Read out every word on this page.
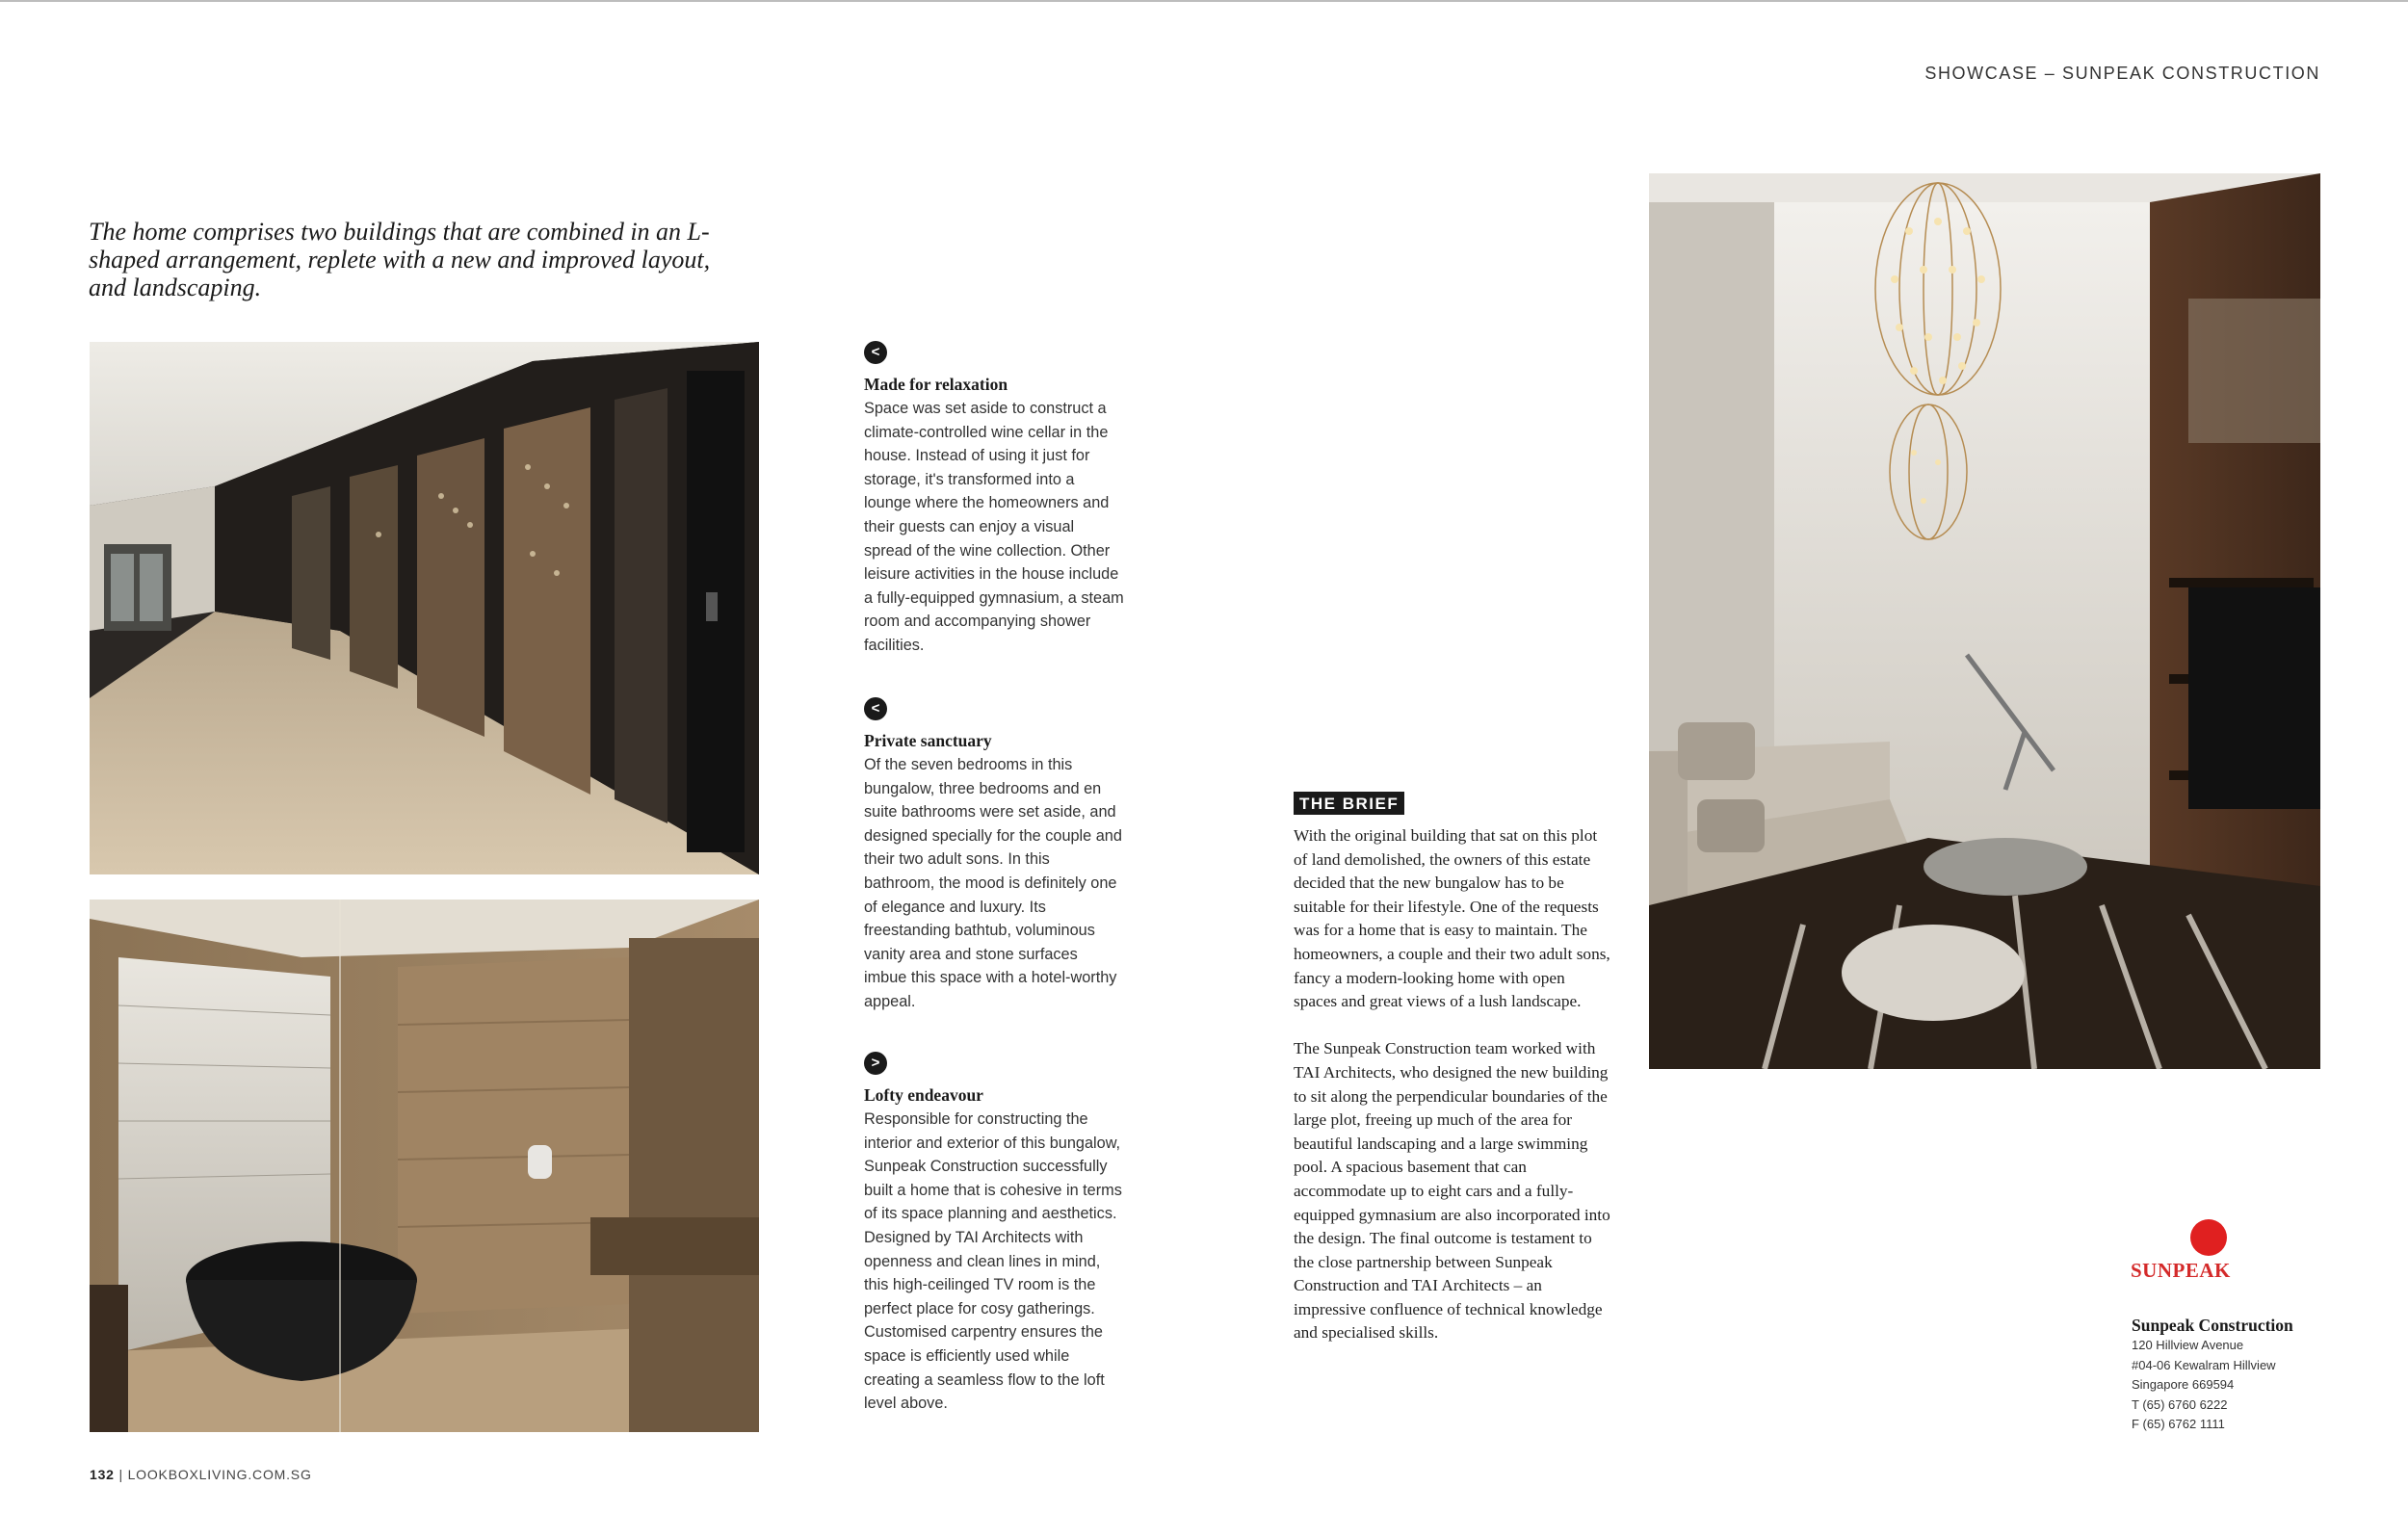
SHOWCASE – SUNPEAK CONSTRUCTION
The home comprises two buildings that are combined in an L-shaped arrangement, replete with a new and improved layout, and landscaping.
<
Made for relaxation
Space was set aside to construct a climate-controlled wine cellar in the house. Instead of using it just for storage, it's transformed into a lounge where the homeowners and their guests can enjoy a visual spread of the wine collection. Other leisure activities in the house include a fully-equipped gymnasium, a steam room and accompanying shower facilities.
<
Private sanctuary
Of the seven bedrooms in this bungalow, three bedrooms and en suite bathrooms were set aside, and designed specially for the couple and their two adult sons. In this bathroom, the mood is definitely one of elegance and luxury. Its freestanding bathtub, voluminous vanity area and stone surfaces imbue this space with a hotel-worthy appeal.
>
Lofty endeavour
Responsible for constructing the interior and exterior of this bungalow, Sunpeak Construction successfully built a home that is cohesive in terms of its space planning and aesthetics. Designed by TAI Architects with openness and clean lines in mind, this high-ceilinged TV room is the perfect place for cosy gatherings. Customised carpentry ensures the space is efficiently used while creating a seamless flow to the loft level above.
THE BRIEF

With the original building that sat on this plot of land demolished, the owners of this estate decided that the new bungalow has to be suitable for their lifestyle. One of the requests was for a home that is easy to maintain. The homeowners, a couple and their two adult sons, fancy a modern-looking home with open spaces and great views of a lush landscape.

The Sunpeak Construction team worked with TAI Architects, who designed the new building to sit along the perpendicular boundaries of the large plot, freeing up much of the area for beautiful landscaping and a large swimming pool. A spacious basement that can accommodate up to eight cars and a fully-equipped gymnasium are also incorporated into the design. The final outcome is testament to the close partnership between Sunpeak Construction and TAI Architects – an impressive confluence of technical knowledge and specialised skills.

SUNPEAK
Sunpeak Construction
120 Hillview Avenue
#04-06 Kewalram Hillview
Singapore 669594
T (65) 6760 6222
F (65) 6762 1111
132 | LOOKBOXLIVING.COM.SG
